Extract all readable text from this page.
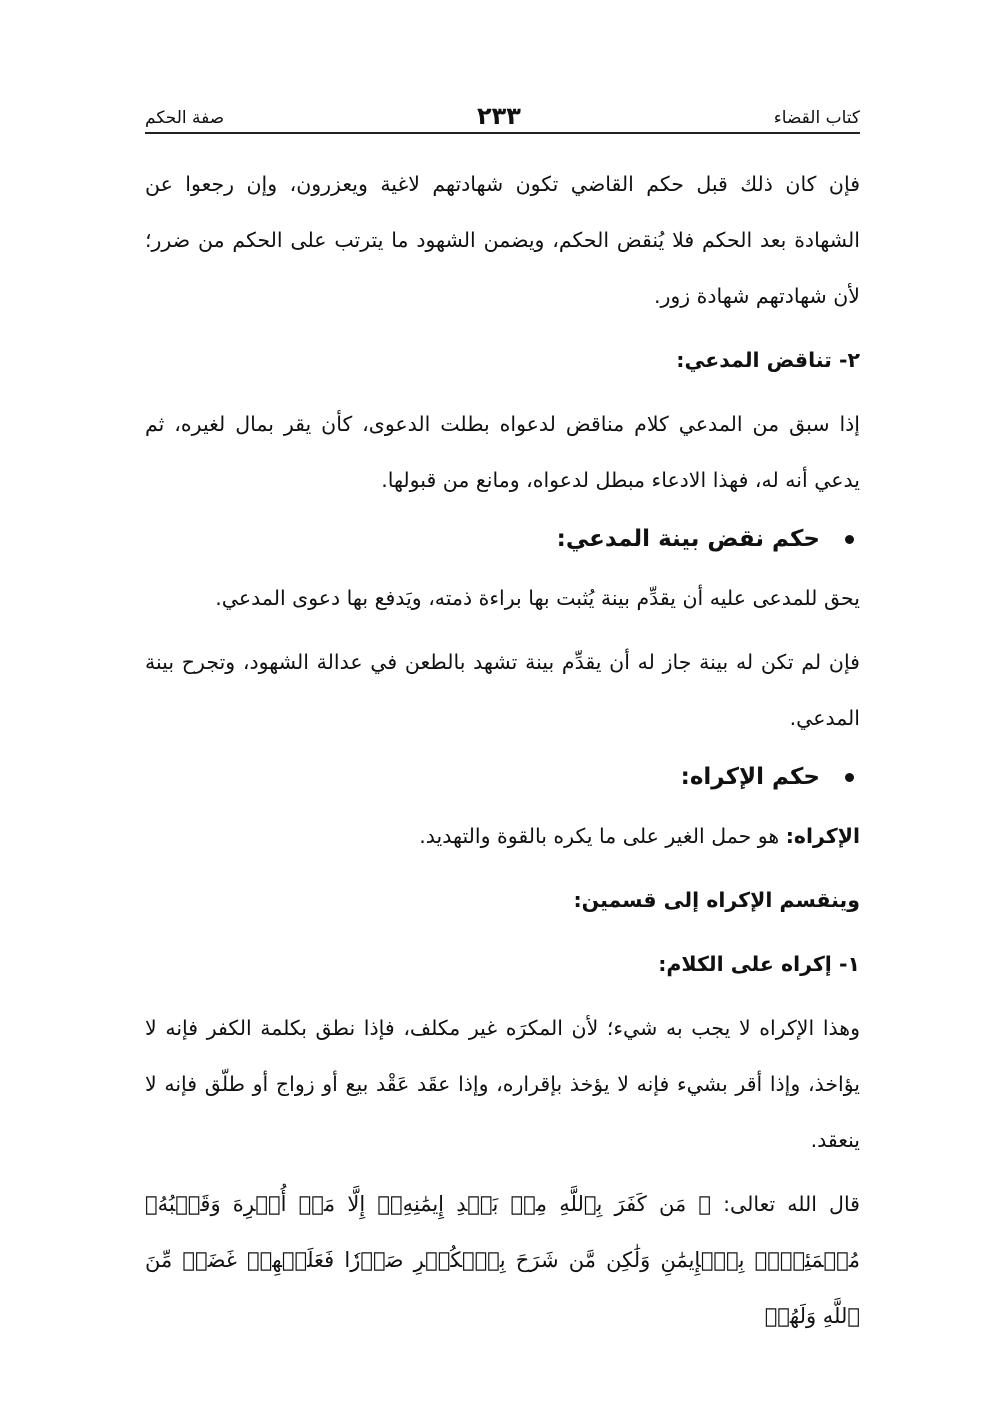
كتاب القضاء
٢٣٣
صفة الحكم

فإن كان ذلك قبل حكم القاضي تكون شهادتهم لاغية ويعزرون، وإن رجعوا عن الشهادة بعد الحكم فلا يُنقض الحكم، ويضمن الشهود ما يترتب على الحكم من ضرر؛ لأن شهادتهم شهادة زور.

٢- تناقض المدعي:

إذا سبق من المدعي كلام مناقض لدعواه بطلت الدعوى، كأن يقر بمال لغيره، ثم يدعي أنه له، فهذا الادعاء مبطل لدعواه، ومانع من قبولها.

حكم نقض بينة المدعي:

يحق للمدعى عليه أن يقدِّم بينة يُثبت بها براءة ذمته، ويَدفع بها دعوى المدعي.

فإن لم تكن له بينة جاز له أن يقدِّم بينة تشهد بالطعن في عدالة الشهود، وتجرح بينة المدعي.

حكم الإكراه:

الإكراه: هو حمل الغير على ما يكره بالقوة والتهديد.

وينقسم الإكراه إلى قسمين:

١- إكراه على الكلام:

وهذا الإكراه لا يجب به شيء؛ لأن المكرَه غير مكلف، فإذا نطق بكلمة الكفر فإنه لا يؤاخذ، وإذا أقر بشيء فإنه لا يؤخذ بإقراره، وإذا عقَد عَقْد بيع أو زواج أو طلّق فإنه لا ينعقد.

قال الله تعالى: ﴿ مَن كَفَرَ بِٱللَّهِ مِنۢ بَعۡدِ إِيمَٰنِهِۦٓ إِلَّا مَنۡ أُكۡرِهَ وَقَلۡبُهُۥ مُطۡمَئِنُّۢ بِٱلۡإِيمَٰنِ وَلَٰكِن مَّن شَرَحَ بِٱلۡكُفۡرِ صَدۡرٗا فَعَلَيۡهِمۡ غَضَبٞ مِّنَ ٱللَّهِ وَلَهُمۡ
